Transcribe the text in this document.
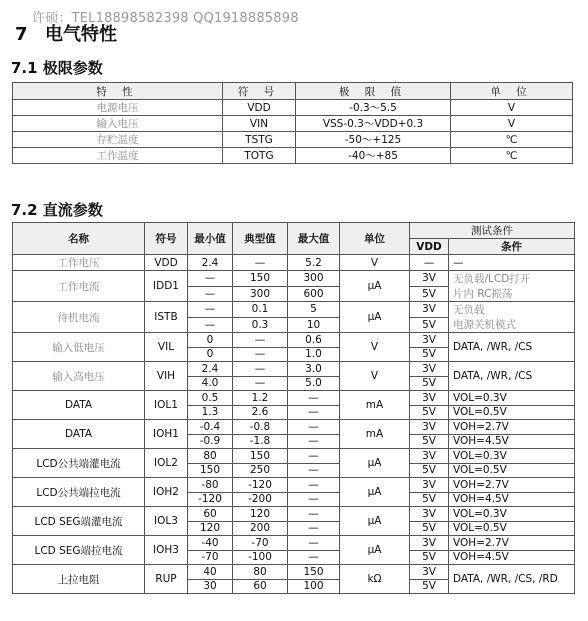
许硕：TEL18898582398 QQ1918885898
7 电气特性
7.1 极限参数
特 性	符 号	极 限 值	单 位
电源电压	VDD	-0.3～5.5	V
输入电压	VIN	VSS-0.3～VDD+0.3	V
存贮温度	TSTG	-50～+125	℃
工作温度	TOTG	-40～+85	℃
7.2 直流参数
名称	符号	最小值	典型值	最大值	单位	测试条件	
						VDD	条件
工作电压	VDD	2.4	—	5.2	V	—	—
工作电流	IDD1	—	150	300	μA	3V	无负载/LCD打开
片内 RC振荡
		—	300	600		5V	
待机电流	ISTB	—	0.1	5	μA	3V	无负载
电源关机模式
		—	0.3	10		5V	
输入低电压	VIL	0	—	0.6	V	3V	DATA, /WR, /CS
		0	—	1.0		5V	
输入高电压	VIH	2.4	—	3.0	V	3V	DATA, /WR, /CS
		4.0	—	5.0		5V	
DATA	IOL1	0.5	1.2	—	mA	3V	VOL=0.3V
		1.3	2.6	—		5V	VOL=0.5V
DATA	IOH1	-0.4	-0.8	—	mA	3V	VOH=2.7V
		-0.9	-1.8	—		5V	VOH=4.5V
LCD公共端灌电流	IOL2	80	150	—	μA	3V	VOL=0.3V
		150	250	—		5V	VOL=0.5V
LCD公共端拉电流	IOH2	-80	-120	—	μA	3V	VOH=2.7V
		-120	-200	—		5V	VOH=4.5V
LCD SEG端灌电流	IOL3	60	120	—	μA	3V	VOL=0.3V
		120	200	—		5V	VOL=0.5V
LCD SEG端拉电流	IOH3	-40	-70	—	μA	3V	VOH=2.7V
		-70	-100	—		5V	VOH=4.5V
上拉电阻	RUP	40	80	150	kΩ	3V	DATA, /WR, /CS, /RD
		30	60	100		5V	
